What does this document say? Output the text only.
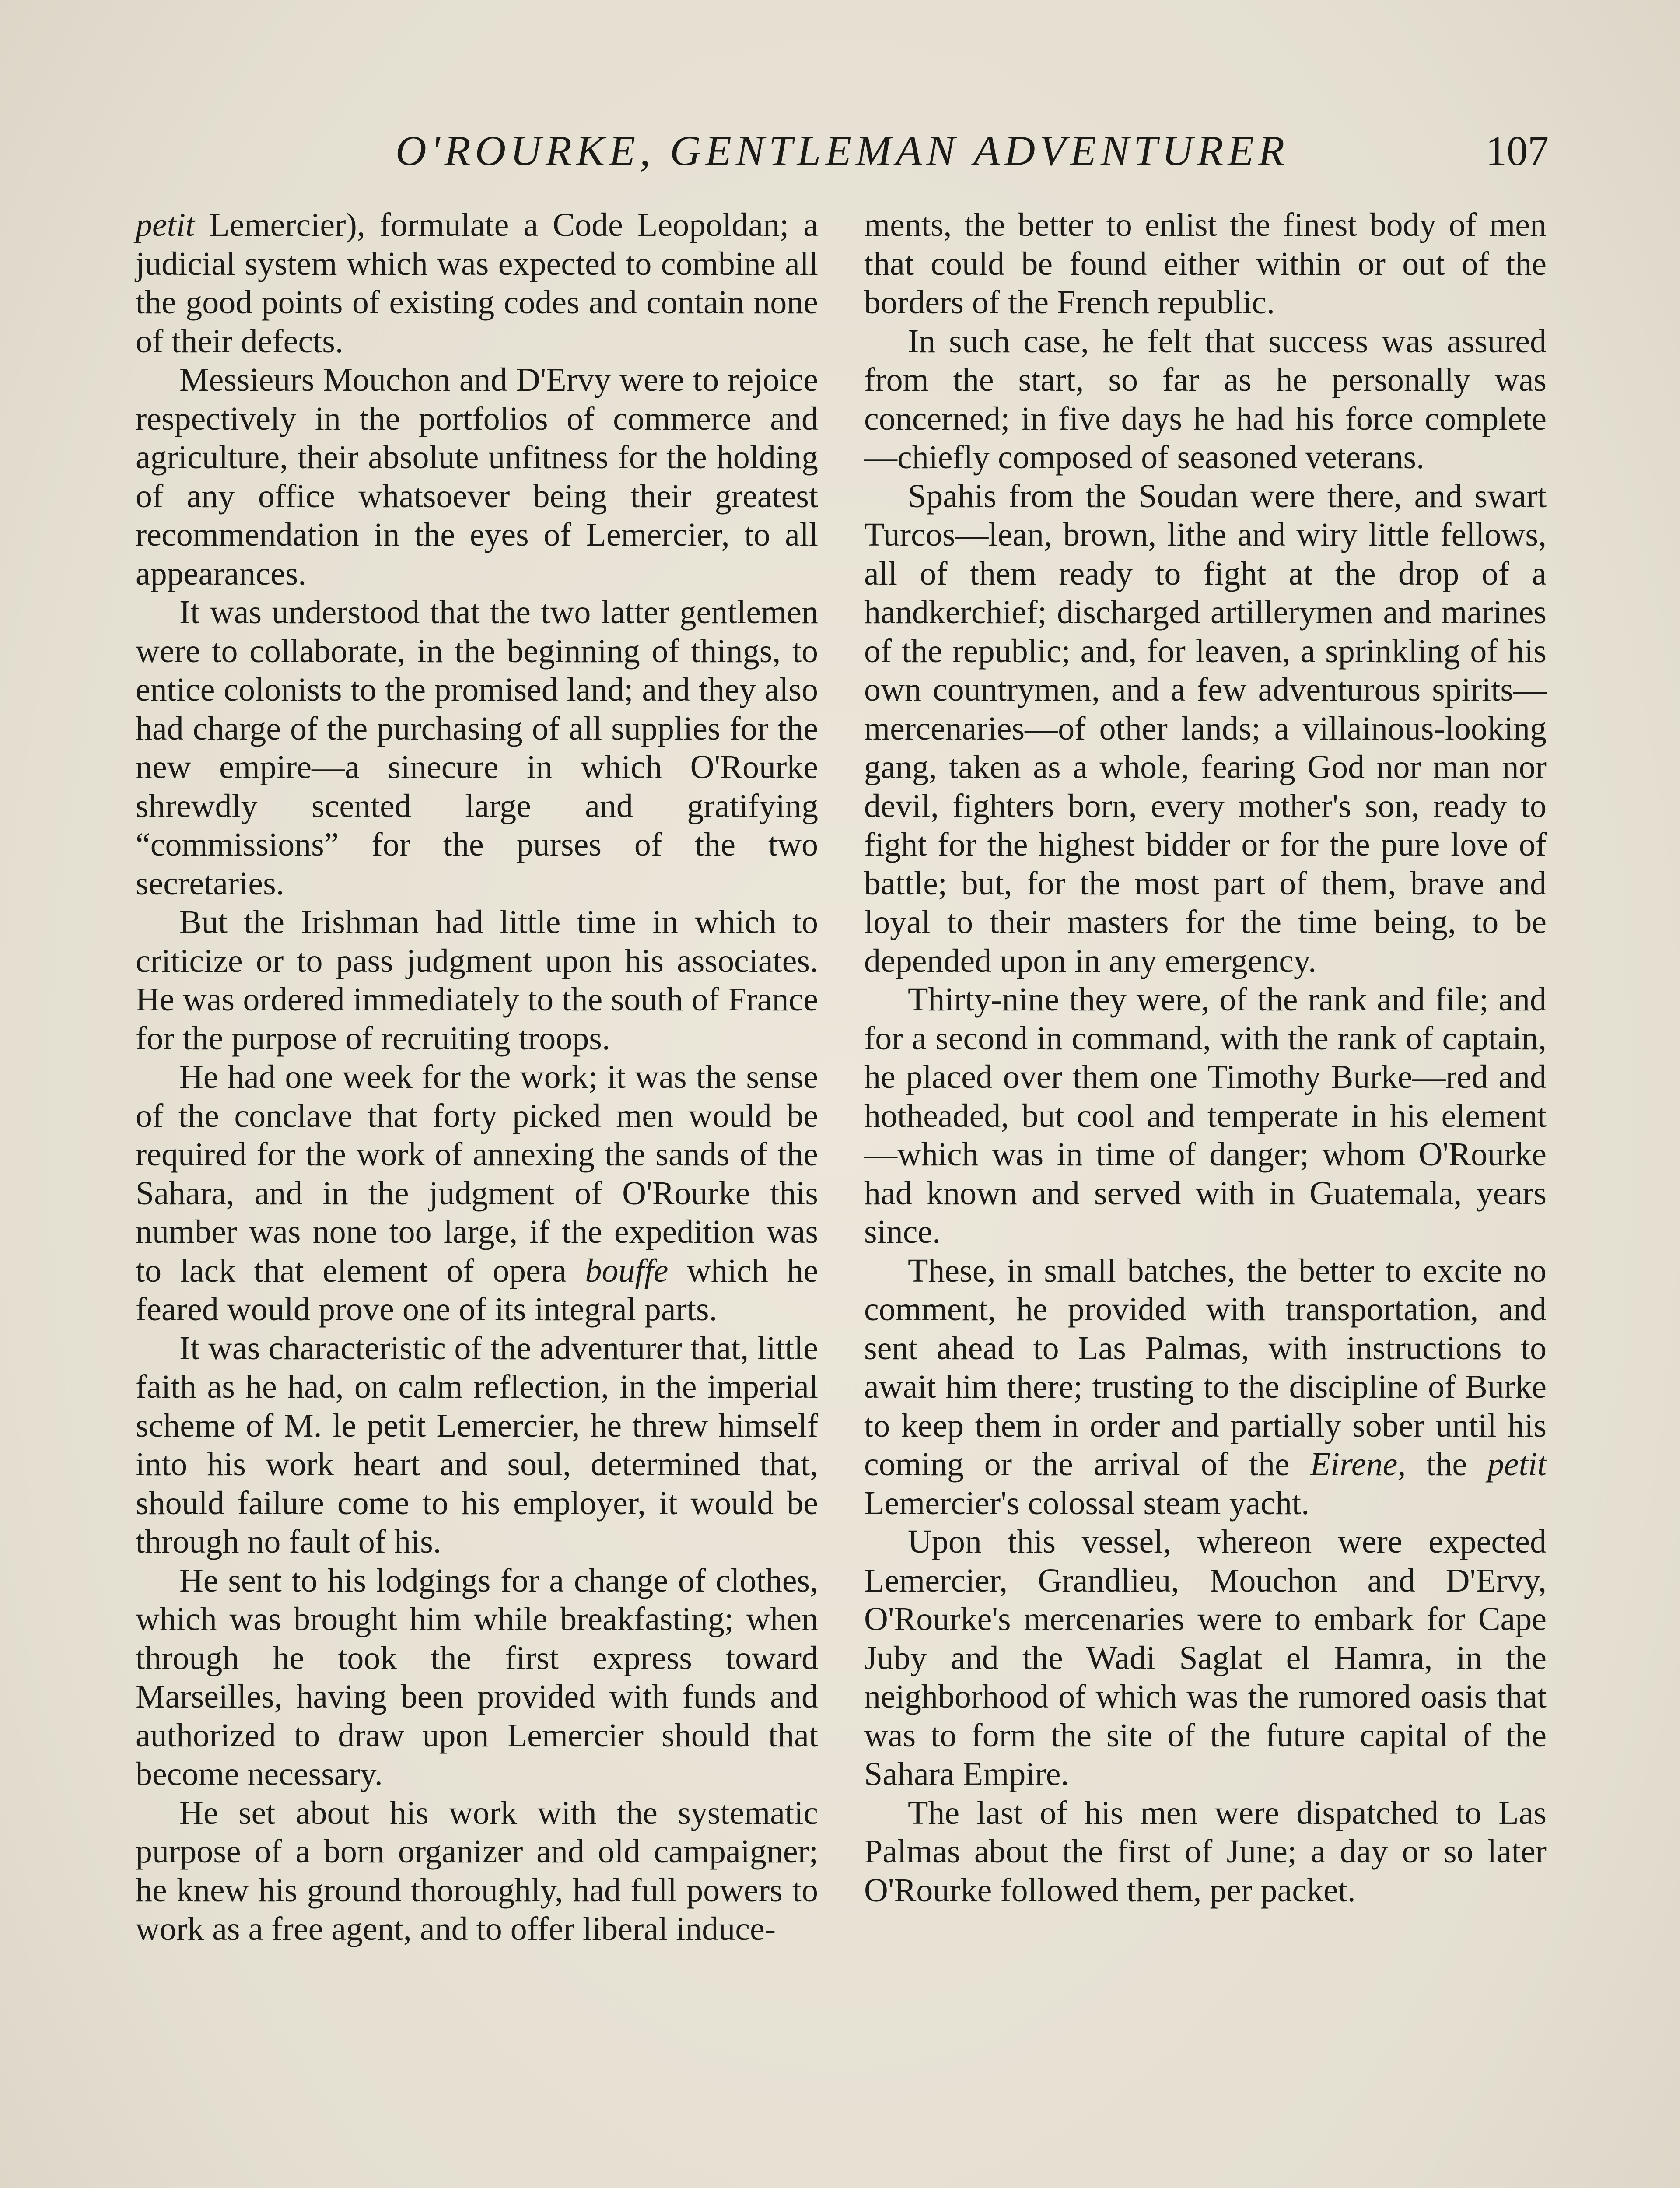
O'ROURKE, GENTLEMAN ADVENTURER	107

petit Lemercier), formulate a Code Leopoldan; a judicial system which was expected to combine all the good points of existing codes and contain none of their defects.

Messieurs Mouchon and D'Ervy were to rejoice respectively in the portfolios of commerce and agriculture, their absolute unfitness for the holding of any office whatsoever being their greatest recommendation in the eyes of Lemercier, to all appearances.

It was understood that the two latter gentlemen were to collaborate, in the beginning of things, to entice colonists to the promised land; and they also had charge of the purchasing of all supplies for the new empire—a sinecure in which O'Rourke shrewdly scented large and gratifying “commissions” for the purses of the two secretaries.

But the Irishman had little time in which to criticize or to pass judgment upon his associates. He was ordered immediately to the south of France for the purpose of recruiting troops.

He had one week for the work; it was the sense of the conclave that forty picked men would be required for the work of annexing the sands of the Sahara, and in the judgment of O'Rourke this number was none too large, if the expedition was to lack that element of opera bouffe which he feared would prove one of its integral parts.

It was characteristic of the adventurer that, little faith as he had, on calm reflection, in the imperial scheme of M. le petit Lemercier, he threw himself into his work heart and soul, determined that, should failure come to his employer, it would be through no fault of his.

He sent to his lodgings for a change of clothes, which was brought him while breakfasting; when through he took the first express toward Marseilles, having been provided with funds and authorized to draw upon Lemercier should that become necessary.

He set about his work with the systematic purpose of a born organizer and old campaigner; he knew his ground thoroughly, had full powers to work as a free agent, and to offer liberal induce-

ments, the better to enlist the finest body of men that could be found either within or out of the borders of the French republic.

In such case, he felt that success was assured from the start, so far as he personally was concerned; in five days he had his force complete—chiefly composed of seasoned veterans.

Spahis from the Soudan were there, and swart Turcos—lean, brown, lithe and wiry little fellows, all of them ready to fight at the drop of a handkerchief; discharged artillerymen and marines of the republic; and, for leaven, a sprinkling of his own countrymen, and a few adventurous spirits—mercenaries—of other lands; a villainous-looking gang, taken as a whole, fearing God nor man nor devil, fighters born, every mother's son, ready to fight for the highest bidder or for the pure love of battle; but, for the most part of them, brave and loyal to their masters for the time being, to be depended upon in any emergency.

Thirty-nine they were, of the rank and file; and for a second in command, with the rank of captain, he placed over them one Timothy Burke—red and hotheaded, but cool and temperate in his element—which was in time of danger; whom O'Rourke had known and served with in Guatemala, years since.

These, in small batches, the better to excite no comment, he provided with transportation, and sent ahead to Las Palmas, with instructions to await him there; trusting to the discipline of Burke to keep them in order and partially sober until his coming or the arrival of the Eirene, the petit Lemercier's colossal steam yacht.

Upon this vessel, whereon were expected Lemercier, Grandlieu, Mouchon and D'Ervy, O'Rourke's mercenaries were to embark for Cape Juby and the Wadi Saglat el Hamra, in the neighborhood of which was the rumored oasis that was to form the site of the future capital of the Sahara Empire.

The last of his men were dispatched to Las Palmas about the first of June; a day or so later O'Rourke followed them, per packet.
